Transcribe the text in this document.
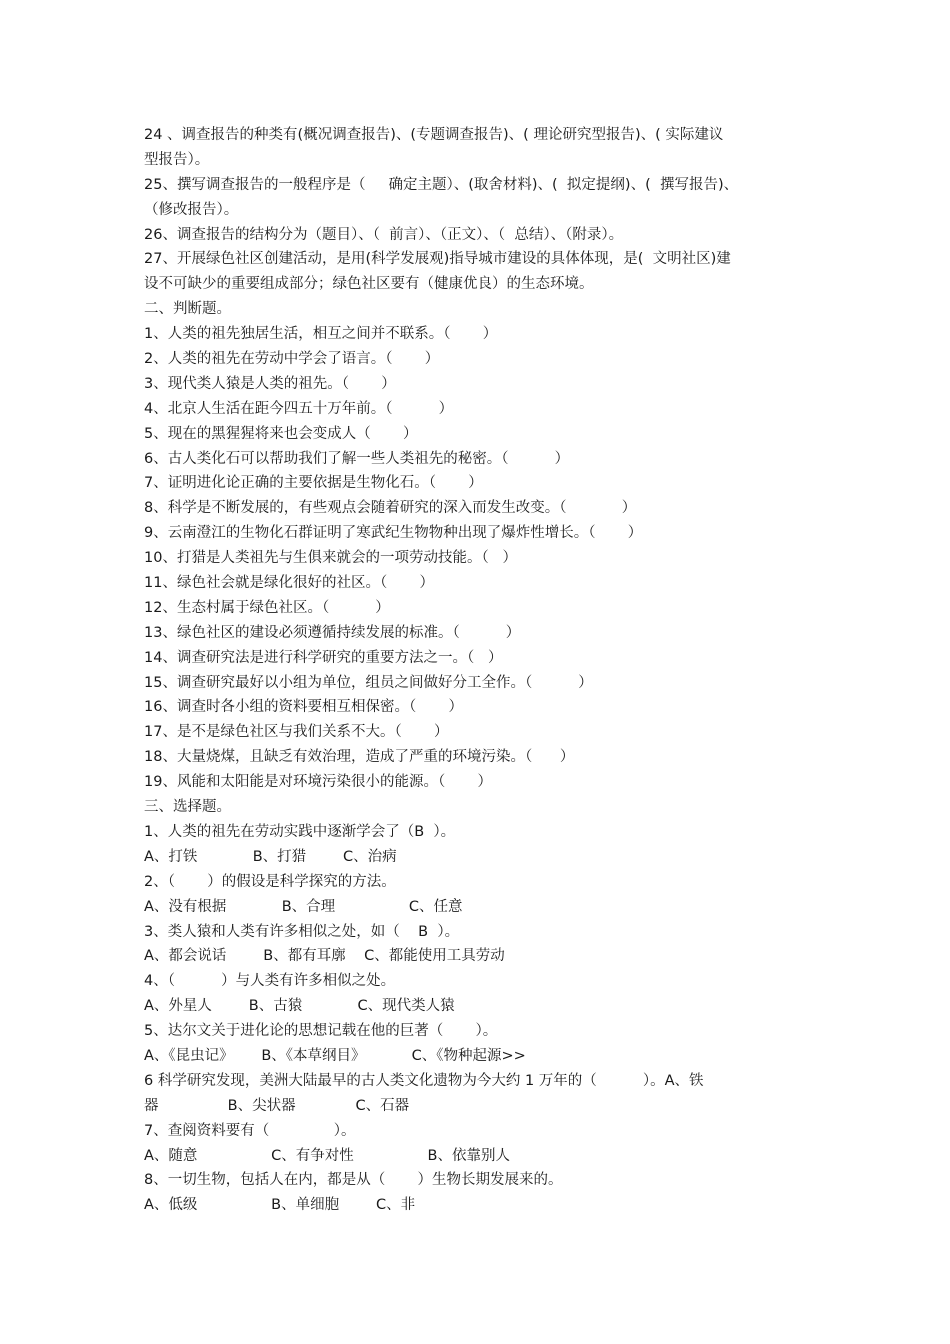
24 、调查报告的种类有(概况调查报告)、(专题调查报告)、( 理论研究型报告)、( 实际建议
型报告）。
25、撰写调查报告的一般程序是（     确定主题）、(取舍材料)、(  拟定提纲)、(  撰写报告)、
（修改报告）。
26、调查报告的结构分为（题目）、（  前言）、（正文）、（  总结）、（附录）。
27、开展绿色社区创建活动，是用(科学发展观)指导城市建设的具体体现，是(  文明社区)建
设不可缺少的重要组成部分；绿色社区要有（健康优良）的生态环境。
二、判断题。
1、人类的祖先独居生活，相互之间并不联系。（       ）
2、人类的祖先在劳动中学会了语言。（       ）
3、现代类人猿是人类的祖先。（       ）
4、北京人生活在距今四五十万年前。（          ）
5、现在的黑猩猩将来也会变成人（       ）
6、古人类化石可以帮助我们了解一些人类祖先的秘密。（          ）
7、证明进化论正确的主要依据是生物化石。（       ）
8、科学是不断发展的，有些观点会随着研究的深入而发生改变。（            ）
9、云南澄江的生物化石群证明了寒武纪生物物种出现了爆炸性增长。（       ）
10、打猎是人类祖先与生俱来就会的一项劳动技能。（   ）
11、绿色社会就是绿化很好的社区。（       ）
12、生态村属于绿色社区。（          ）
13、绿色社区的建设必须遵循持续发展的标准。（          ）
14、调查研究法是进行科学研究的重要方法之一。（   ）
15、调查研究最好以小组为单位，组员之间做好分工全作。（          ）
16、调查时各小组的资料要相互相保密。（       ）
17、是不是绿色社区与我们关系不大。（       ）
18、大量烧煤，且缺乏有效治理，造成了严重的环境污染。（      ）
19、风能和太阳能是对环境污染很小的能源。（       ）
三、选择题。
1、人类的祖先在劳动实践中逐渐学会了（B  ）。
A、打铁            B、打猎        C、治病
2、（       ）的假设是科学探究的方法。
A、没有根据            B、合理                C、任意
3、类人猿和人类有许多相似之处，如（    B  ）。
A、都会说话        B、都有耳廓    C、都能使用工具劳动
4、（          ）与人类有许多相似之处。
A、外星人        B、古猿            C、现代类人猿
5、达尔文关于进化论的思想记载在他的巨著（       ）。
A、《昆虫记》      B、《本草纲目》          C、《物种起源>>
6 科学研究发现，美洲大陆最早的古人类文化遗物为今大约 1 万年的（          ）。A、铁
器               B、尖状器             C、石器
7、查阅资料要有（              ）。
A、随意                C、有争对性                B、依靠别人
8、一切生物，包括人在内，都是从（       ）生物长期发展来的。
A、低级                B、单细胞        C、非
